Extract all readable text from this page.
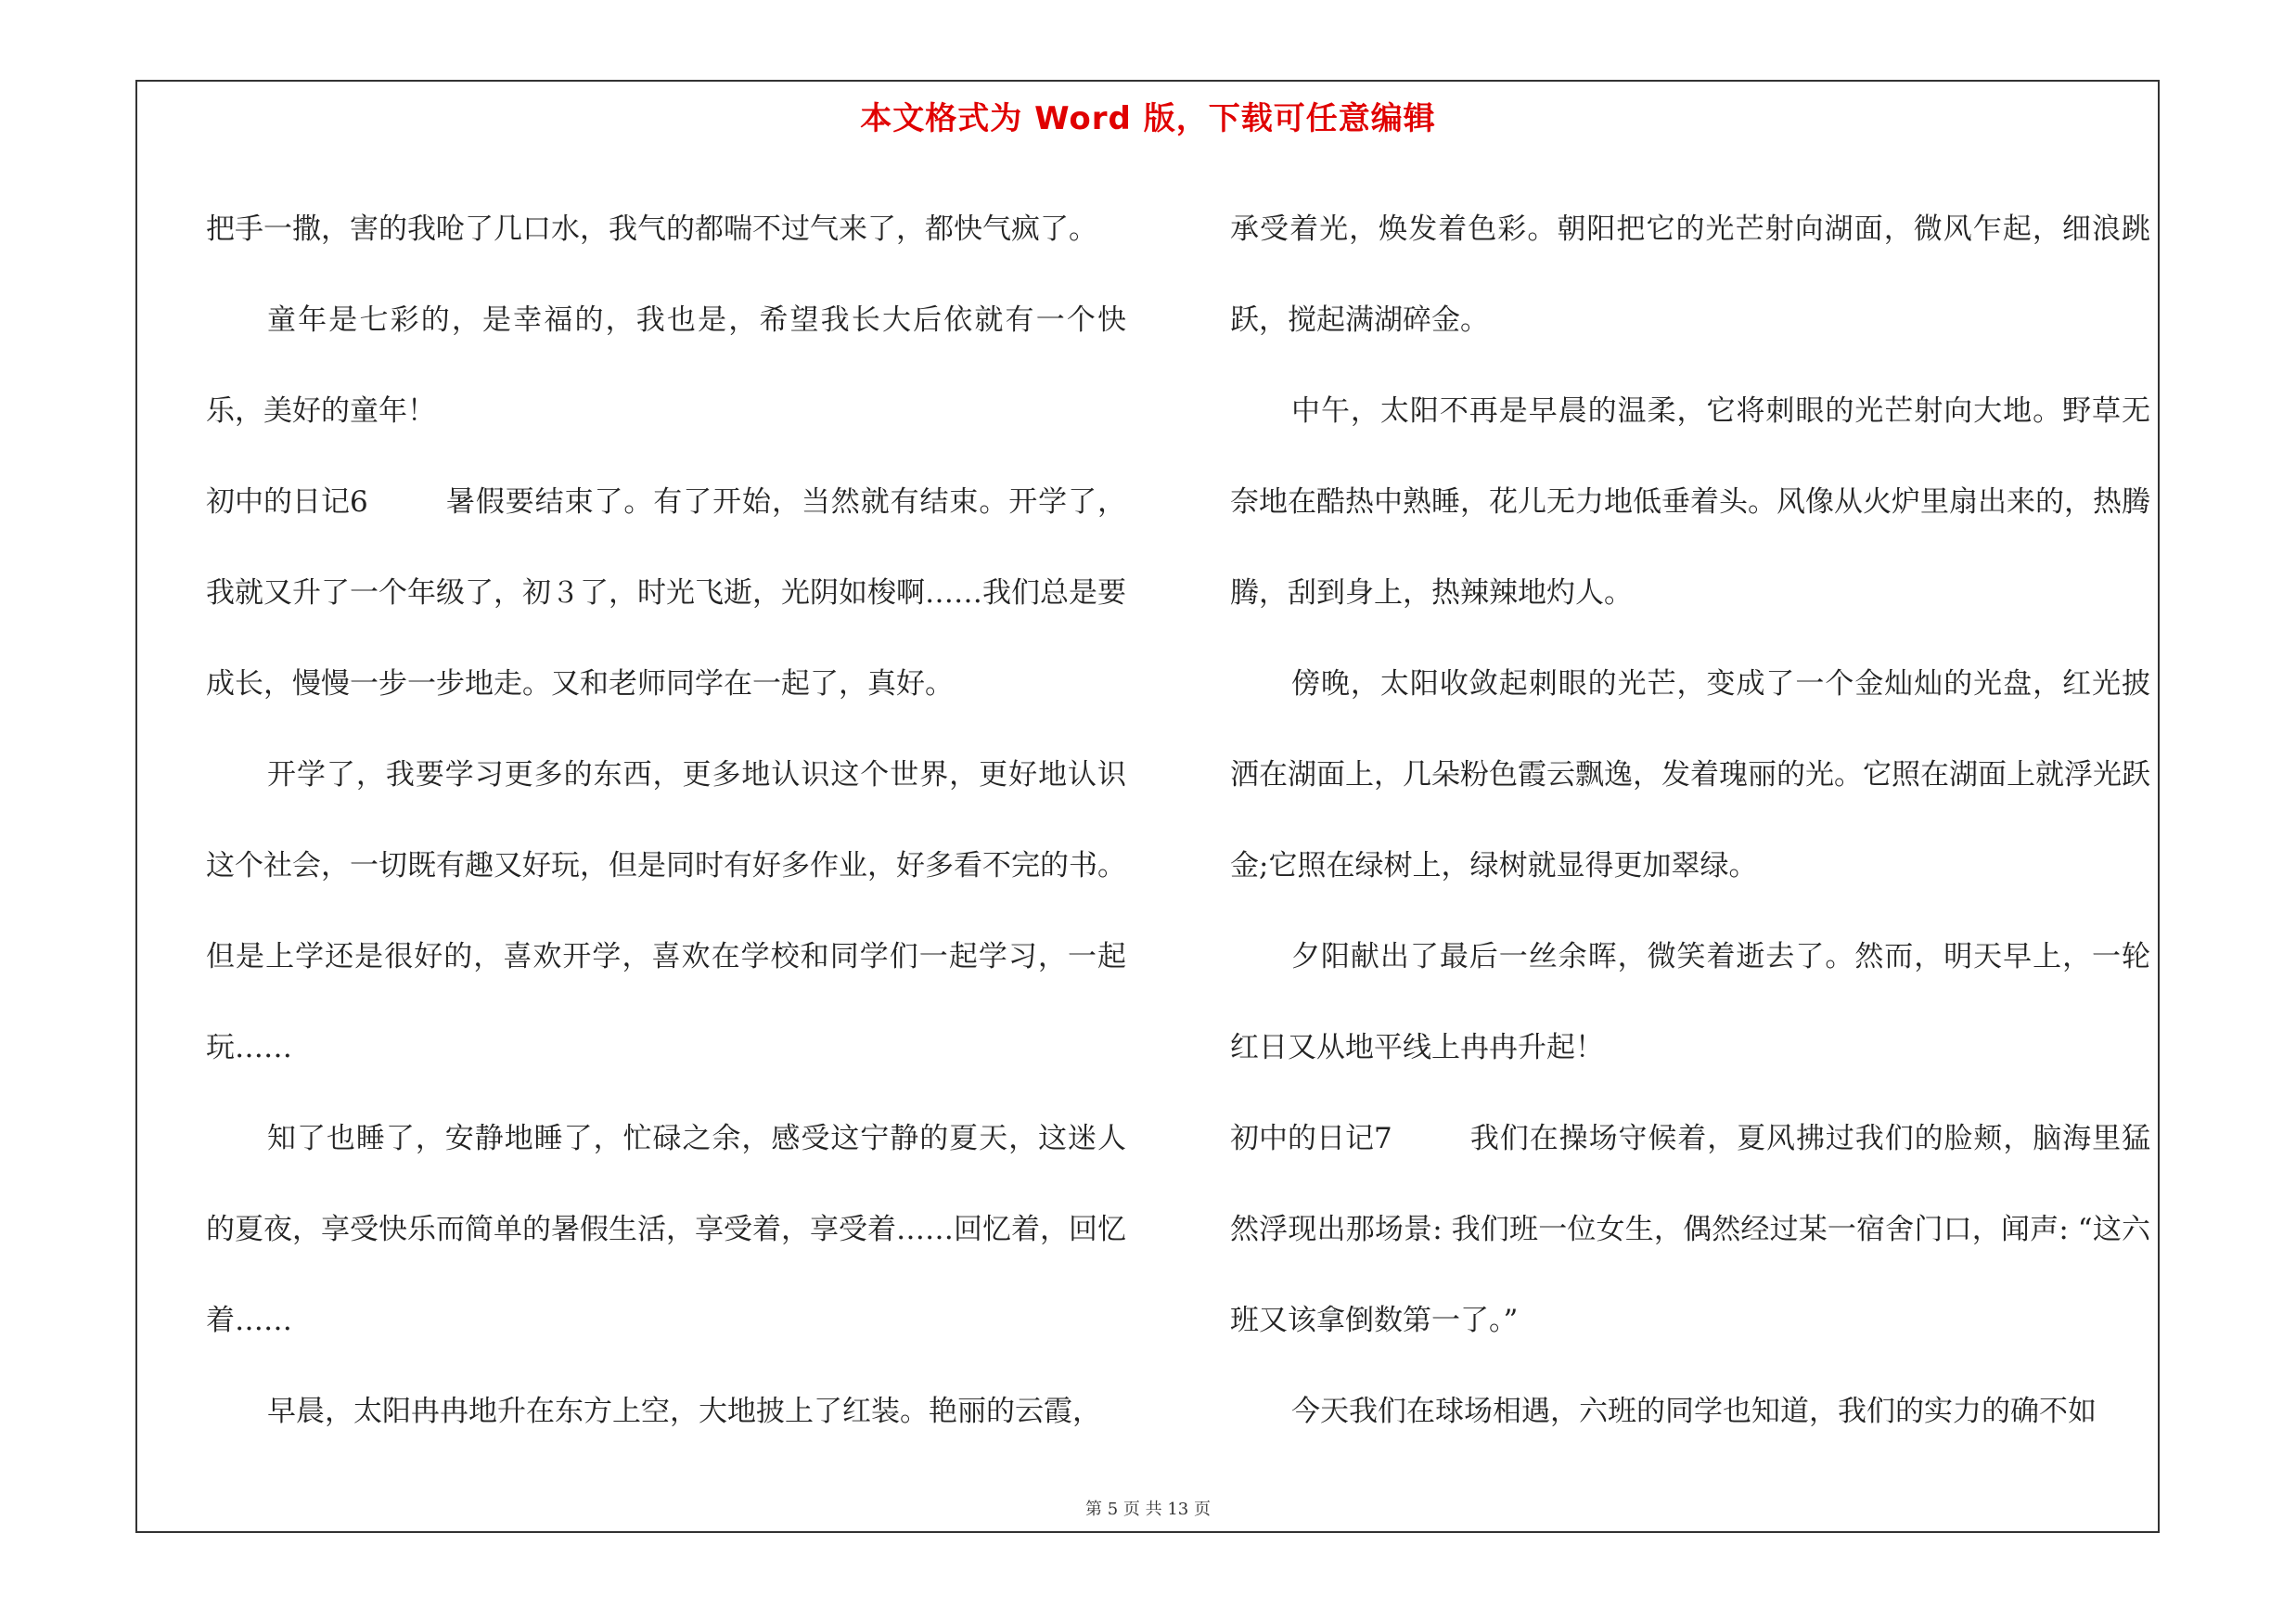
本文格式为 Word 版，下载可任意编辑

把手一撒，害的我呛了几口水，我气的都喘不过气来了，都快气疯了。

童年是七彩的，是幸福的，我也是，希望我长大后依就有一个快乐，美好的童年！

初中的日记6	暑假要结束了。有了开始，当然就有结束。开学了，我就又升了一个年级了，初３了，时光飞逝，光阴如梭啊……我们总是要成长，慢慢一步一步地走。又和老师同学在一起了，真好。

开学了，我要学习更多的东西，更多地认识这个世界，更好地认识这个社会，一切既有趣又好玩，但是同时有好多作业，好多看不完的书。但是上学还是很好的，喜欢开学，喜欢在学校和同学们一起学习，一起玩……

知了也睡了，安静地睡了，忙碌之余，感受这宁静的夏天，这迷人的夏夜，享受快乐而简单的暑假生活，享受着，享受着……回忆着，回忆着……

早晨，太阳冉冉地升在东方上空，大地披上了红装。艳丽的云霞，

承受着光，焕发着色彩。朝阳把它的光芒射向湖面，微风乍起，细浪跳跃，搅起满湖碎金。

中午，太阳不再是早晨的温柔，它将刺眼的光芒射向大地。野草无奈地在酷热中熟睡，花儿无力地低垂着头。风像从火炉里扇出来的，热腾腾，刮到身上，热辣辣地灼人。

傍晚，太阳收敛起刺眼的光芒，变成了一个金灿灿的光盘，红光披洒在湖面上，几朵粉色霞云飘逸，发着瑰丽的光。它照在湖面上就浮光跃金;它照在绿树上，绿树就显得更加翠绿。

夕阳献出了最后一丝余晖，微笑着逝去了。然而，明天早上，一轮红日又从地平线上冉冉升起！

初中的日记7	我们在操场守候着，夏风拂过我们的脸颊，脑海里猛然浮现出那场景: 我们班一位女生，偶然经过某一宿舍门口，闻声: “这六班又该拿倒数第一了。”

今天我们在球场相遇，六班的同学也知道，我们的实力的确不如

第 5 页 共 13 页
